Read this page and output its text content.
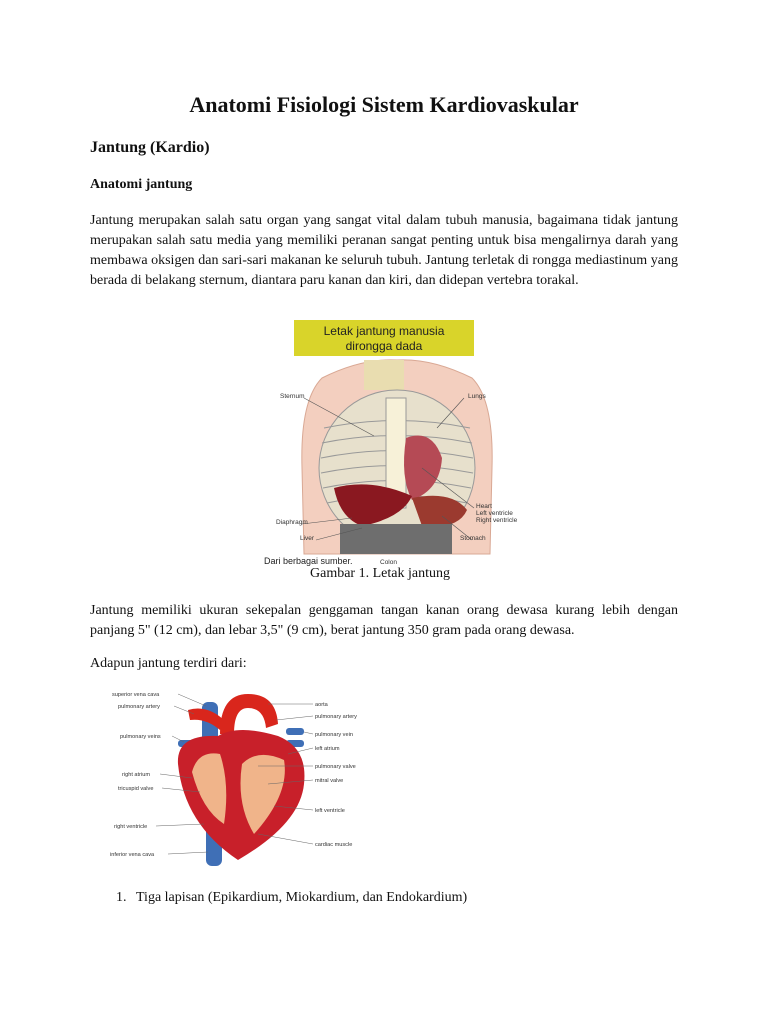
Anatomi Fisiologi Sistem Kardiovaskular
Jantung (Kardio)
Anatomi jantung

Jantung merupakan salah satu organ yang sangat vital dalam tubuh manusia, bagaimana tidak jantung merupakan salah satu media yang memiliki peranan sangat penting untuk bisa mengalirnya darah yang membawa oksigen dan sari-sari makanan ke seluruh tubuh. Jantung terletak di rongga mediastinum yang berada di belakang sternum, diantara paru kanan dan kiri, dan didepan vertebra torakal.

Letak jantung manusia
dirongga dada
Sternum	Lungs
Heart
Left ventricle
Right ventricle
Diaphragm
Liver	Stomach
Colon
Dari berbagai sumber.
Gambar 1. Letak jantung

Jantung memiliki ukuran sekepalan genggaman tangan kanan orang dewasa kurang lebih dengan panjang 5" (12 cm), dan lebar 3,5" (9 cm), berat jantung 350 gram pada orang dewasa.

Adapun jantung terdiri dari:

superior vena cava
pulmonary artery
pulmonary veins
right atrium
tricuspid valve
right ventricle
inferior vena cava
aorta
pulmonary artery
pulmonary vein
left atrium
pulmonary valve
mitral valve
left ventricle
cardiac muscle
1. Tiga lapisan (Epikardium, Miokardium, dan Endokardium)
